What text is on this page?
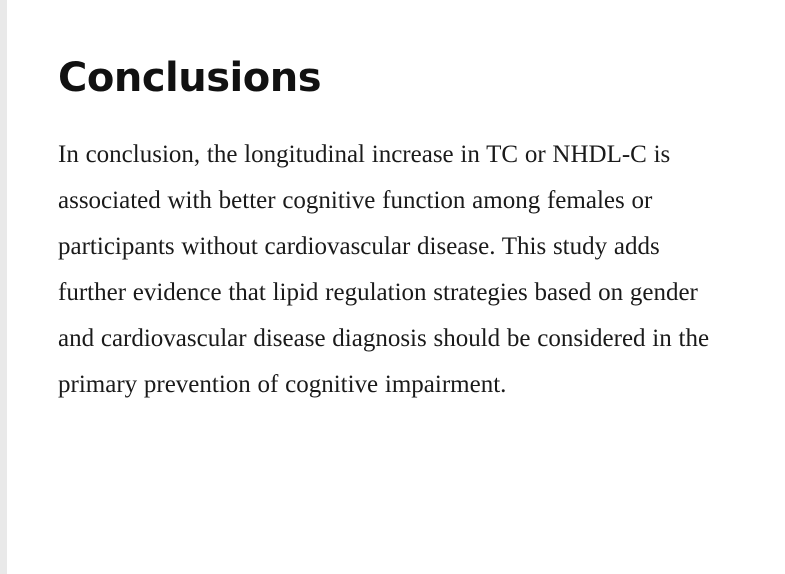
Conclusions

In conclusion, the longitudinal increase in TC or NHDL-C is associated with better cognitive function among females or participants without cardiovascular disease. This study adds further evidence that lipid regulation strategies based on gender and cardiovascular disease diagnosis should be considered in the primary prevention of cognitive impairment.
